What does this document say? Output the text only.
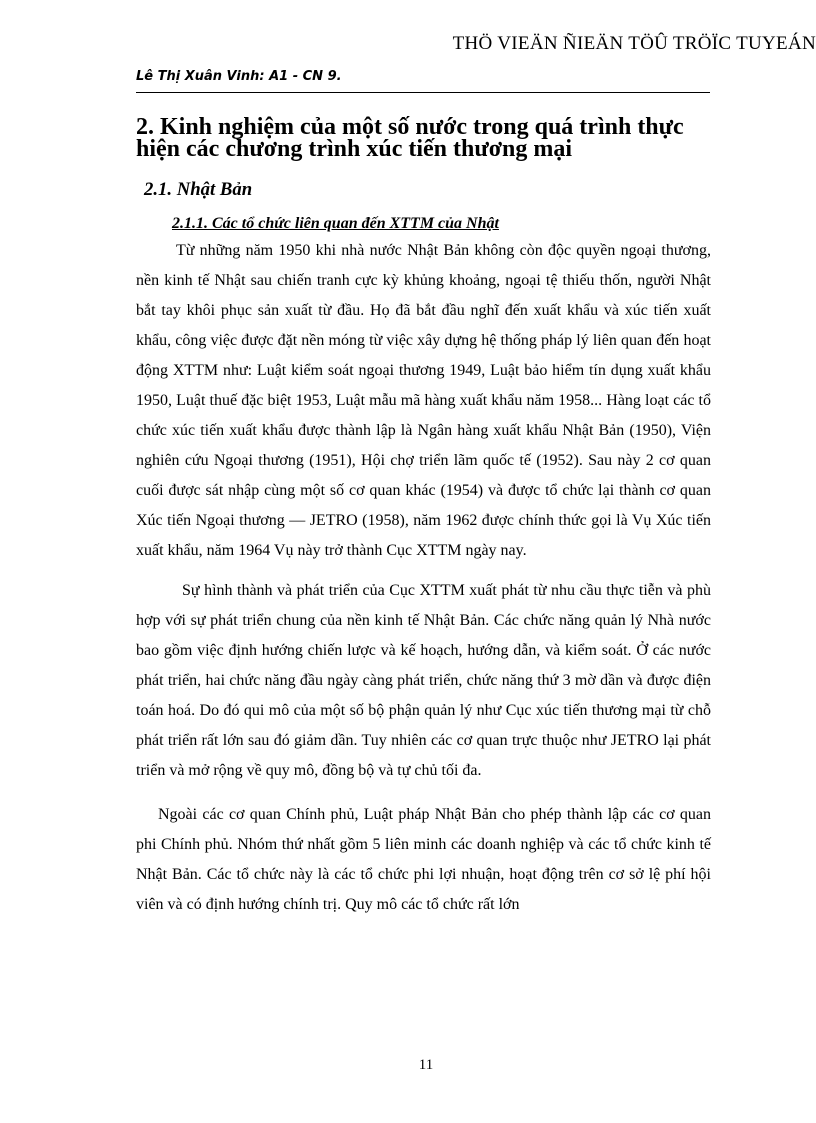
THÖ VIEÄN ÑIEÄN TÖÛ TRÖÏC TUYEÁN
Lê Thị Xuân Vinh: A1 - CN 9.
2. Kinh nghiệm của một số nước trong quá trình thực hiện các chương trình xúc tiến thương mại
2.1. Nhật Bản
2.1.1. Các tổ chức liên quan đến XTTM của Nhật

Từ những năm 1950 khi nhà nước Nhật Bản không còn độc quyền ngoại thương, nền kinh tế Nhật sau chiến tranh cực kỳ khủng khoảng, ngoại tệ thiếu thốn, người Nhật bắt tay khôi phục sản xuất từ đầu. Họ đã bắt đầu nghĩ đến xuất khẩu và xúc tiến xuất khẩu, công việc được đặt nền móng từ việc xây dựng hệ thống pháp lý liên quan đến hoạt động XTTM như: Luật kiểm soát ngoại thương 1949, Luật bảo hiểm tín dụng xuất khẩu 1950, Luật thuế đặc biệt 1953, Luật mẫu mã hàng xuất khẩu năm 1958... Hàng loạt các tổ chức xúc tiến xuất khẩu được thành lập là Ngân hàng xuất khẩu Nhật Bản (1950), Viện nghiên cứu Ngoại thương (1951), Hội chợ triển lãm quốc tế (1952). Sau này 2 cơ quan cuối được sát nhập cùng một số cơ quan khác (1954) và được tổ chức lại thành cơ quan Xúc tiến Ngoại thương — JETRO (1958), năm 1962 được chính thức gọi là Vụ Xúc tiến xuất khẩu, năm 1964 Vụ này trở thành Cục XTTM ngày nay.

Sự hình thành và phát triển của Cục XTTM xuất phát từ nhu cầu thực tiễn và phù hợp với sự phát triển chung của nền kinh tế Nhật Bản. Các chức năng quản lý Nhà nước bao gồm việc định hướng chiến lược và kế hoạch, hướng dẫn, và kiểm soát. Ở các nước phát triển, hai chức năng đầu ngày càng phát triển, chức năng thứ 3 mờ dần và được điện toán hoá. Do đó qui mô của một số bộ phận quản lý như Cục xúc tiến thương mại từ chỗ phát triển rất lớn sau đó giảm dần. Tuy nhiên các cơ quan trực thuộc như JETRO lại phát triển và mở rộng về quy mô, đồng bộ và tự chủ tối đa.

Ngoài các cơ quan Chính phủ, Luật pháp Nhật Bản cho phép thành lập các cơ quan phi Chính phủ. Nhóm thứ nhất gồm 5 liên minh các doanh nghiệp và các tổ chức kinh tế Nhật Bản. Các tổ chức này là các tổ chức phi lợi nhuận, hoạt động trên cơ sở lệ phí hội viên và có định hướng chính trị. Quy mô các tổ chức rất lớn

11
